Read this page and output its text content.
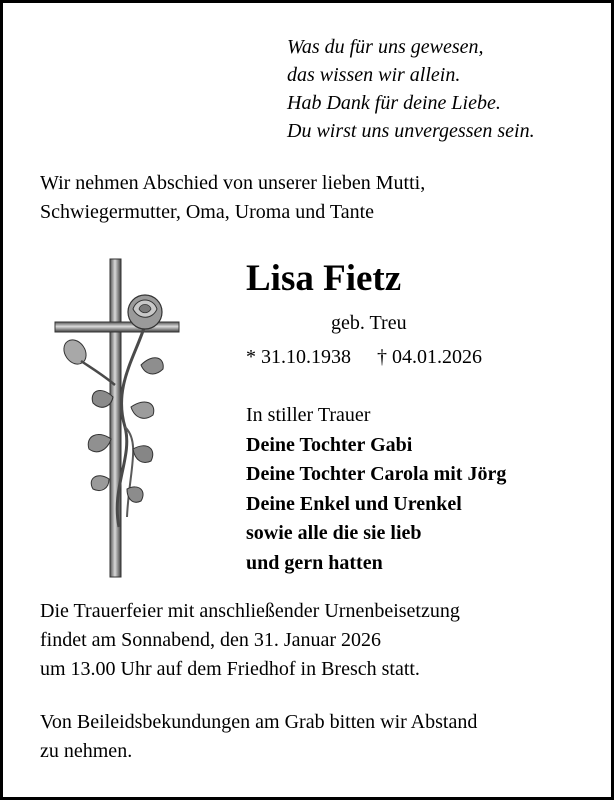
Was du für uns gewesen,
das wissen wir allein.
Hab Dank für deine Liebe.
Du wirst uns unvergessen sein.
Wir nehmen Abschied von unserer lieben Mutti,
Schwiegermutter, Oma, Uroma und Tante
Lisa Fietz
geb. Treu
* 31.10.1938 † 04.01.2026
In stiller Trauer
Deine Tochter Gabi
Deine Tochter Carola mit Jörg
Deine Enkel und Urenkel
sowie alle die sie lieb
und gern hatten
Die Trauerfeier mit anschließender Urnenbeisetzung
findet am Sonnabend, den 31. Januar 2026
um 13.00 Uhr auf dem Friedhof in Bresch statt.
Von Beileidsbekundungen am Grab bitten wir Abstand
zu nehmen.
